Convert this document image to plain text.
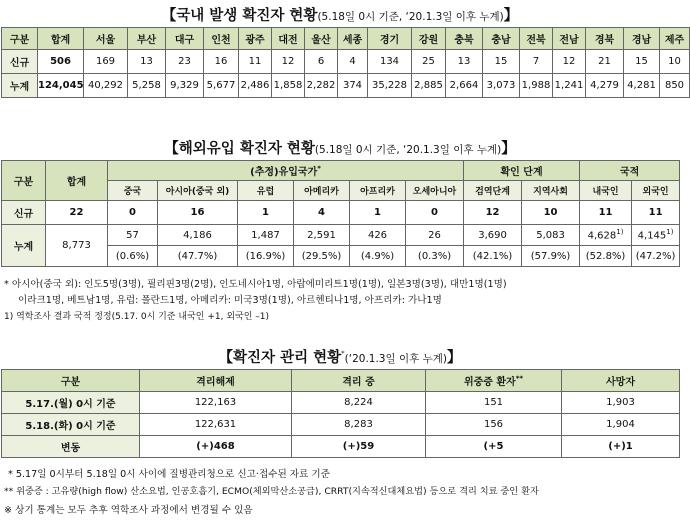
【국내 발생 확진자 현황(5.18일 0시 기준, ‘20.1.3일 이후 누계)】
구분	합계	서울	부산	대구	인천	광주	대전	울산	세종	경기	강원	충북	충남	전북	전남	경북	경남	제주
신규	506	169	13	23	16	11	12	6	4	134	25	13	15	7	12	21	15	10
누계	124,045	40,292	5,258	9,329	5,677	2,486	1,858	2,282	374	35,228	2,885	2,664	3,073	1,988	1,241	4,279	4,281	850
【해외유입 확진자 현황(5.18일 0시 기준, ‘20.1.3일 이후 누계)】
구분	합계	(추정)유입국가*						확인 단계		국적	
		중국	아시아(중국 외)	유럽	아메리카	아프리카	오세아니아	검역단계	지역사회	내국인	외국인
신규	22	0	16	1	4	1	0	12	10	11	11
누계	8,773	57	4,186	1,487	2,591	426	26	3,690	5,083	4,628$^{1)}$	4,145$^{1)}$
		(0.6%)	(47.7%)	(16.9%)	(29.5%)	(4.9%)	(0.3%)	(42.1%)	(57.9%)	(52.8%)	(47.2%)
* 아시아(중국 외): 인도5명(3명), 필리핀3명(2명), 인도네시아1명, 아랍에미리트1명(1명), 일본3명(3명), 대만1명(1명)
이라크1명, 베트남1명, 유럽: 폴란드1명, 아메리카: 미국3명(1명), 아르헨티나1명, 아프리카: 가나1명
1) 역학조사 결과 국적 정정(5.17. 0시 기준 내국인 +1, 외국인 –1)
【확진자 관리 현황*(‘20.1.3일 이후 누계)】
구분	격리해제	격리 중	위중증 환자**	사망자
5.17.(월) 0시 기준	122,163	8,224	151	1,903
5.18.(화) 0시 기준	122,631	8,283	156	1,904
변동	(+)468	(+)59	(+5	(+)1
* 5.17일 0시부터 5.18일 0시 사이에 질병관리청으로 신고·접수된 자료 기준
** 위중증 : 고유량(high flow) 산소요법, 인공호흡기, ECMO(체외막산소공급), CRRT(지속적신대체요법) 등으로 격리 치료 중인 환자
※ 상기 통계는 모두 추후 역학조사 과정에서 변경될 수 있음
